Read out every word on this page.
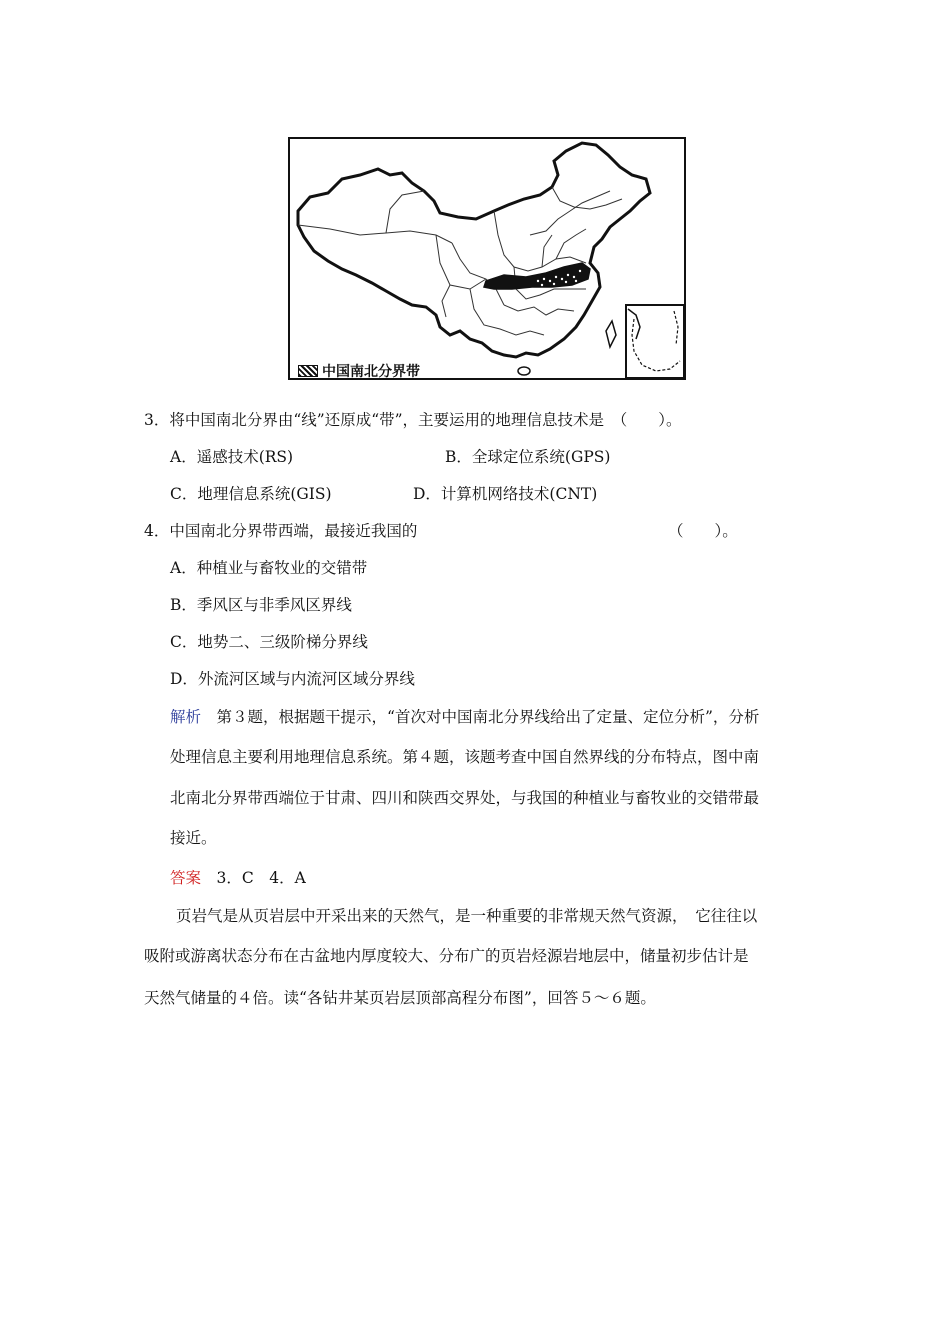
中国南北分界带
3．将中国南北分界由“线”还原成“带”，主要运用的地理信息技术是　（　　）。
A．遥感技术(RS)	B．全球定位系统(GPS)
C．地理信息系统(GIS)	D．计算机网络技术(CNT)
4．中国南北分界带西端，最接近我国的	（　　）。
A．种植业与畜牧业的交错带
B．季风区与非季风区界线
C．地势二、三级阶梯分界线
D．外流河区域与内流河区域分界线
解析　第３题，根据题干提示，“首次对中国南北分界线给出了定量、定位分析”，分析
处理信息主要利用地理信息系统。第４题，该题考查中国自然界线的分布特点，图中南
北南北分界带西端位于甘肃、四川和陕西交界处，与我国的种植业与畜牧业的交错带最
接近。
答案　3．C　4．A
页岩气是从页岩层中开采出来的天然气，是一种重要的非常规天然气资源，　它往往以
吸附或游离状态分布在古盆地内厚度较大、分布广的页岩烃源岩地层中，储量初步估计是
天然气储量的４倍。读“各钻井某页岩层顶部高程分布图”，回答５～６题。
